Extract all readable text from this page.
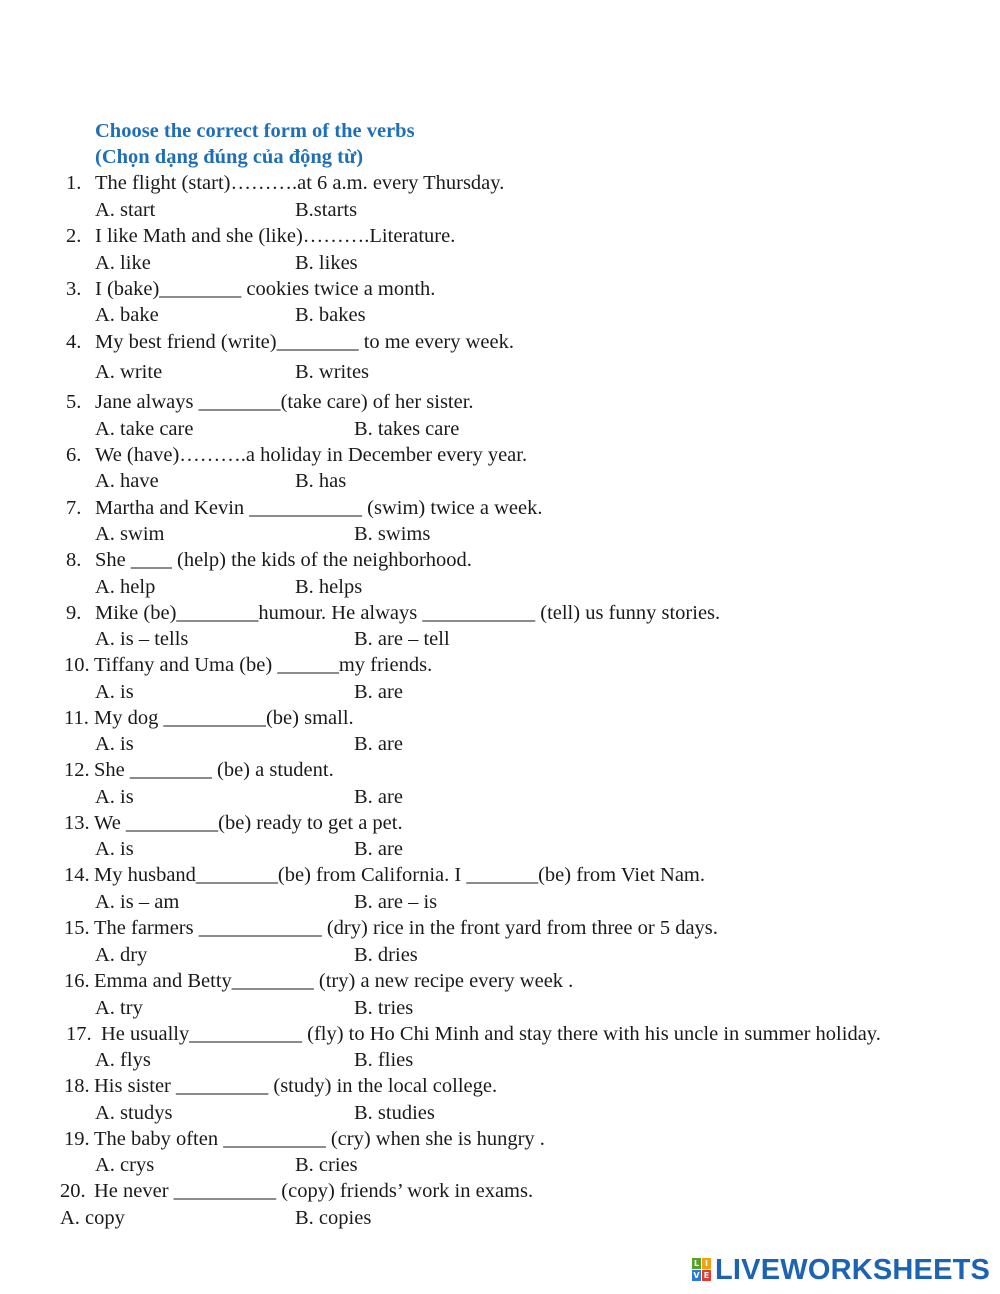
Choose the correct form of the verbs
(Chọn dạng đúng của động từ)
1. The flight (start)……….at 6 a.m. every Thursday.
A. start	B.starts
2. I like Math and she (like)……….Literature.
A. like	B. likes
3. I (bake)________ cookies twice a month.
A. bake	B. bakes
4. My best friend (write)________ to me every week.
A. write	B. writes
5. Jane always ________(take care) of her sister.
A. take care	B. takes care
6. We (have)……….a holiday in December every year.
A. have	B. has
7. Martha and Kevin ___________ (swim) twice a week.
A. swim	B. swims
8. She ____ (help) the kids of the neighborhood.
A. help	B. helps
9. Mike (be)________humour. He always ___________ (tell) us funny stories.
A. is – tells	B. are – tell
10. Tiffany and Uma (be) ______my friends.
A. is	B. are
11. My dog __________(be) small.
A. is	B. are
12. She ________ (be) a student.
A. is	B. are
13. We _________(be) ready to get a pet.
A. is	B. are
14. My husband________(be) from California. I _______(be) from Viet Nam.
A. is – am	B. are – is
15. The farmers ____________ (dry) rice in the front yard from three or 5 days.
A. dry	B. dries
16. Emma and Betty________ (try) a new recipe every week .
A. try	B. tries
17. He usually___________ (fly) to Ho Chi Minh and stay there with his uncle in summer holiday.
A. flys	B. flies
18. His sister _________ (study) in the local college.
A. studys	B. studies
19. The baby often __________ (cry) when she is hungry .
A. crys	B. cries
20. He never __________ (copy) friends’ work in exams.
A. copy	B. copies
L I
V E LIVEWORKSHEETS
